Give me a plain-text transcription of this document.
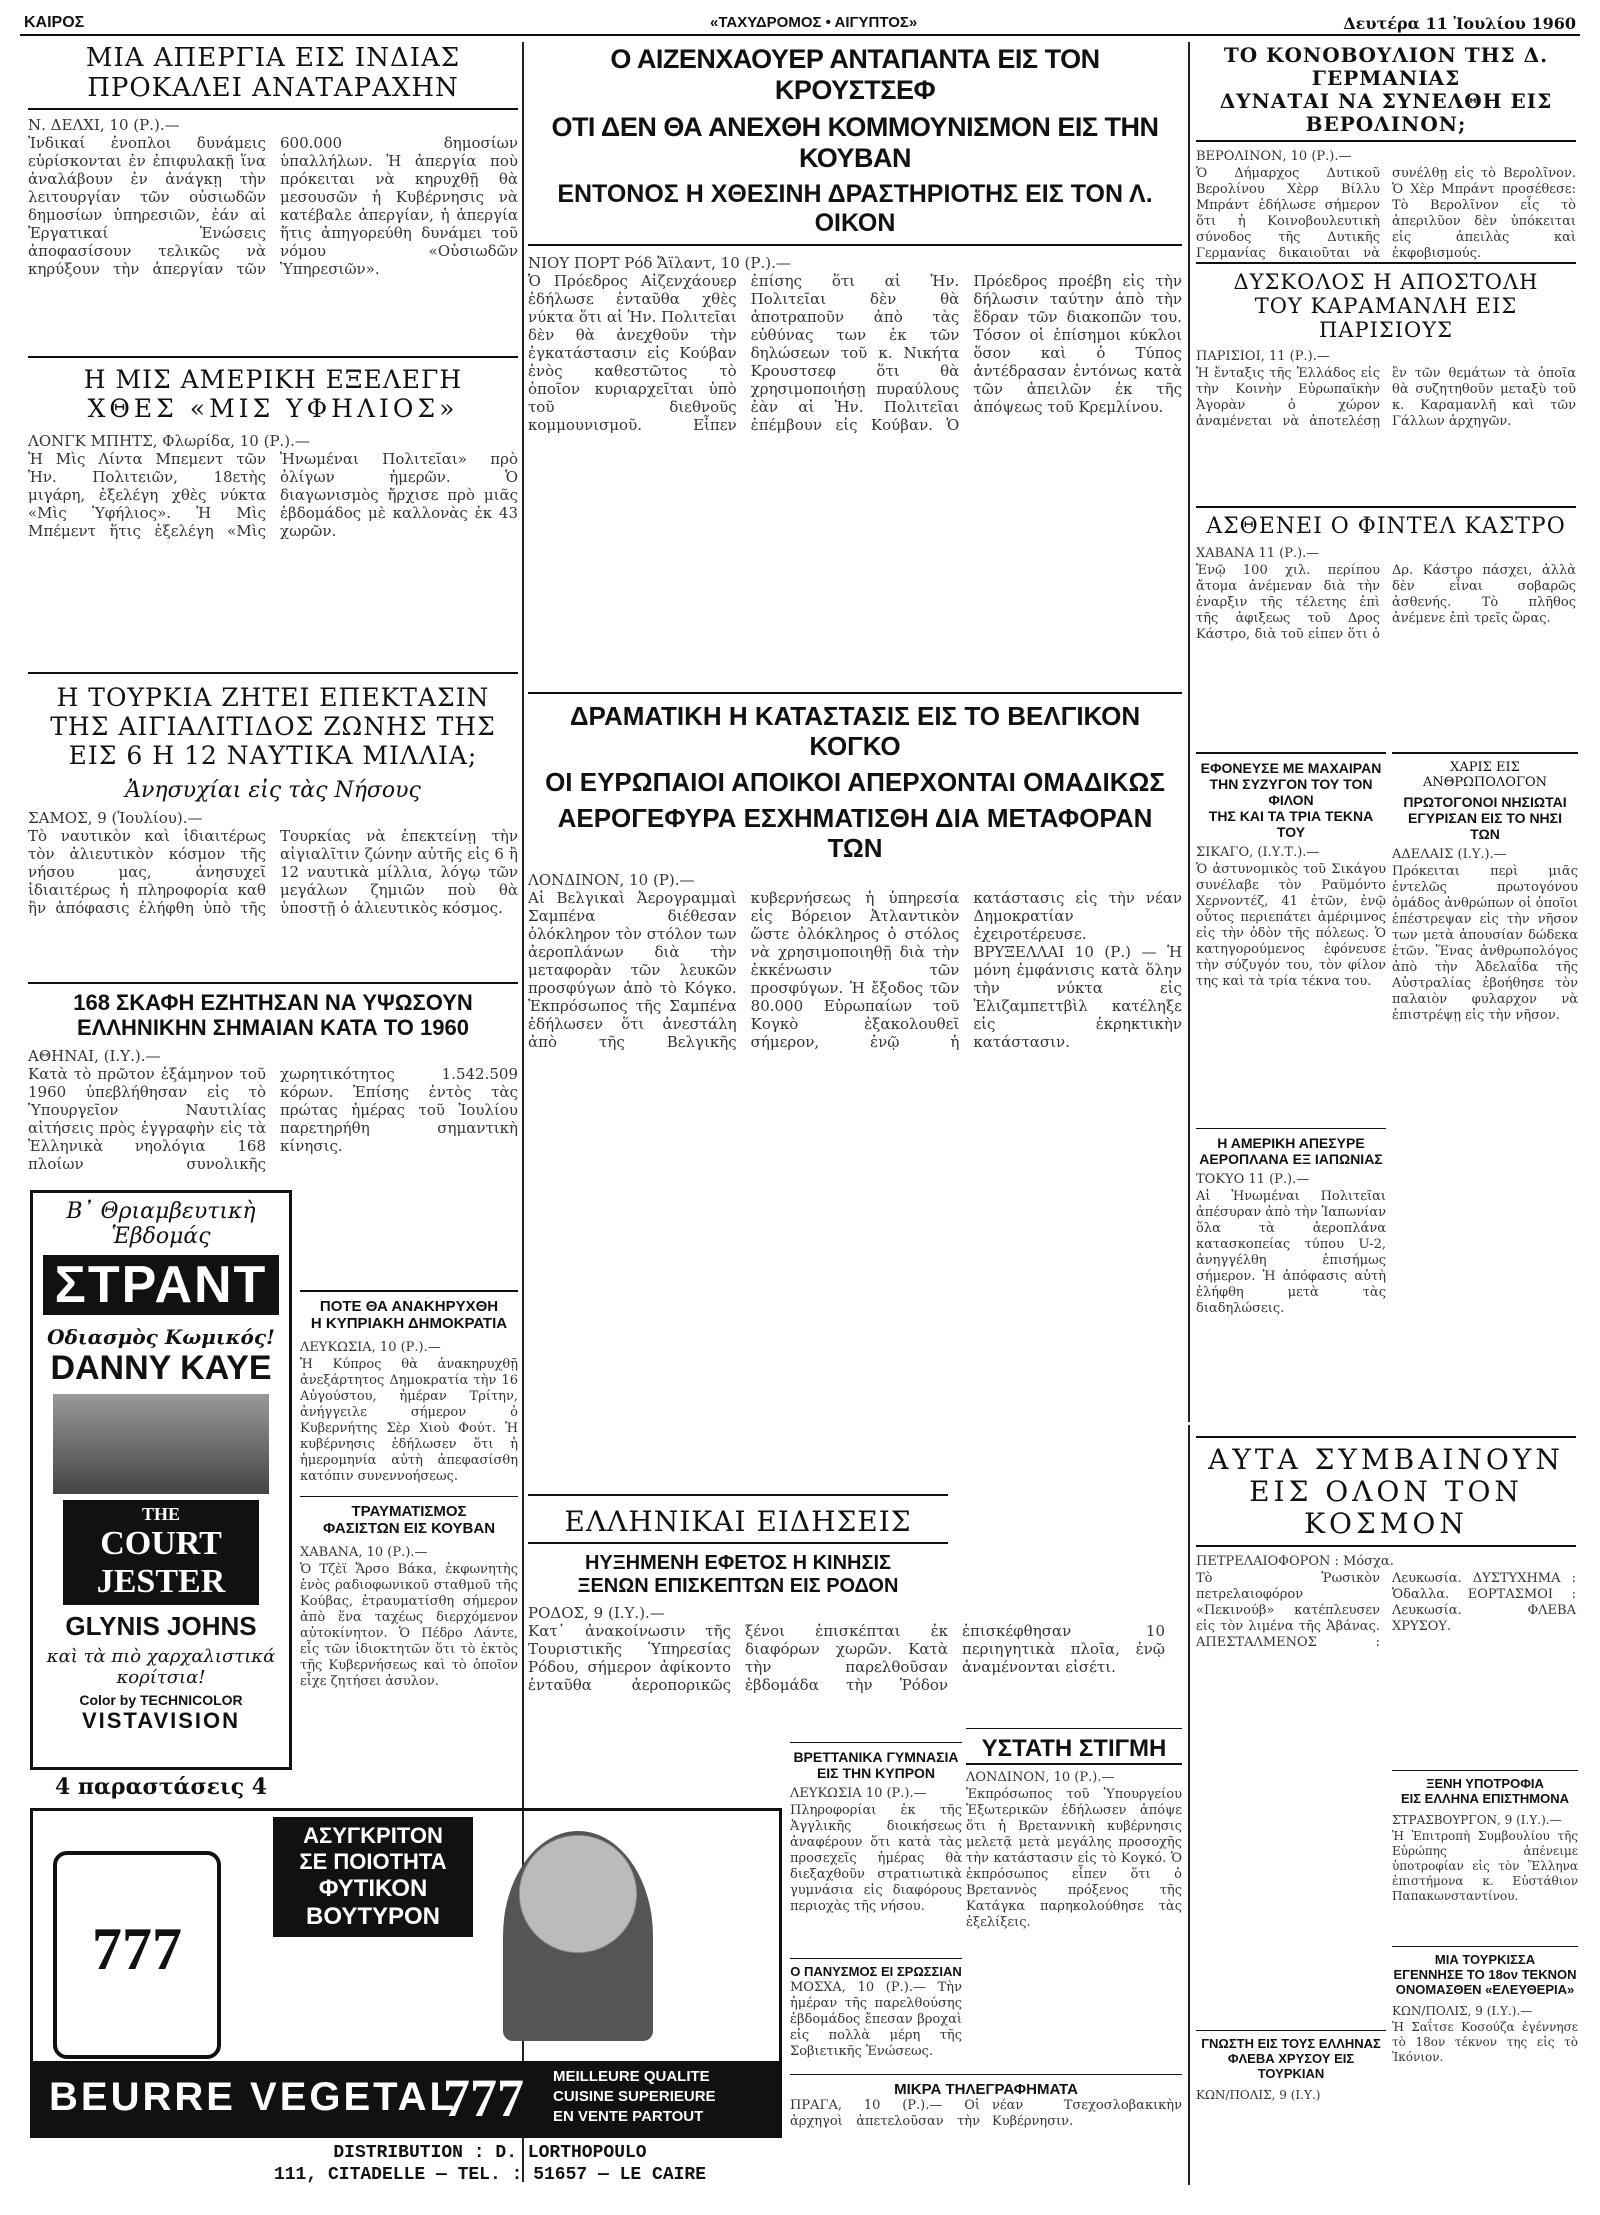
ΚΑΙΡΟΣ	«ΤΑΧΥΔΡΟΜΟΣ • ΑΙΓΥΠΤΟΣ»	Δευτέρα 11 Ἰουλίου 1960
ΜΙΑ ΑΠΕΡΓΙΑ ΕΙΣ ΙΝΔΙΑΣ
ΠΡΟΚΑΛΕΙ ΑΝΑΤΑΡΑΧΗΝ
Ν. ΔΕΛΧΙ, 10 (Ρ.).—
Ἰνδικαί ἐνοπλοι δυνάμεις εὑρίσκονται ἐν ἐπιφυλακῇ ἵνα ἀναλάβουν ἐν ἀνάγκῃ τὴν λειτουργίαν τῶν οὐσιωδῶν δημοσίων ὑπηρεσιῶν, ἐάν αἱ Ἐργατικαί Ἑνώσεις ἀποφασίσουν τελικῶς νὰ κηρύξουν τὴν ἀπεργίαν τῶν 600.000 δημοσίων ὑπαλλήλων. Ἡ ἀπεργία ποὺ πρόκειται νὰ κηρυχθῇ θὰ μεσουσῶν ἡ Κυβέρνησις νὰ κατέβαλε ἀπεργίαν, ἡ ἀπεργία ἥτις ἀπηγορεύθη δυνάμει τοῦ νόμου «Οὐσιωδῶν Ὑπηρεσιῶν».
Η ΜΙΣ ΑΜΕΡΙΚΗ ΕΞΕΛΕΓΗ
ΧΘΕΣ «ΜΙΣ ΥΦΗΛΙΟΣ»
ΛΟΝΓΚ ΜΠΗΤΣ, Φλωρίδα, 10 (Ρ.).—
Ἡ Μὶς Λίντα Μπεμεντ τῶν Ἡν. Πολιτειῶν, 18ετὴς μιγάρη, ἐξελέγη χθὲς νύκτα «Μὶς Ὑφήλιος». Ἡ Μὶς Μπέμεντ ἥτις ἐξελέγη «Μὶς Ἡνωμέναι Πολιτεῖαι» πρὸ ὀλίγων ἡμερῶν. Ὁ διαγωνισμὸς ἤρχισε πρὸ μιᾶς ἑβδομάδος μὲ καλλονὰς ἐκ 43 χωρῶν.
Η ΤΟΥΡΚΙΑ ΖΗΤΕΙ ΕΠΕΚΤΑΣΙΝ
ΤΗΣ ΑΙΓΙΑΛΙΤΙΔΟΣ ΖΩΝΗΣ ΤΗΣ
ΕΙΣ 6 Η 12 ΝΑΥΤΙΚΑ ΜΙΛΛΙΑ;
Ἀνησυχίαι εἰς τὰς Νήσους
ΣΑΜΟΣ, 9 (Ἰουλίου).—
Τὸ ναυτικὸν καὶ ἰδιαιτέρως τὸν ἁλιευτικὸν κόσμον τῆς νήσου μας, ἀνησυχεῖ ἰδιαιτέρως ἡ πληροφορία καθ ἣν ἀπόφασις ἐλήφθη ὑπὸ τῆς Τουρκίας νὰ ἐπεκτείνῃ τὴν αἰγιαλῖτιν ζώνην αὐτῆς εἰς 6 ἢ 12 ναυτικὰ μίλλια, λόγῳ τῶν μεγάλων ζημιῶν ποὺ θὰ ὑποστῇ ὁ ἁλιευτικὸς κόσμος.
168 ΣΚΑΦΗ ΕΖΗΤΗΣΑΝ ΝΑ ΥΨΩΣΟΥΝ
ΕΛΛΗΝΙΚΗΝ ΣΗΜΑΙΑΝ ΚΑΤΑ ΤΟ 1960
ΑΘΗΝΑΙ, (Ι.Υ.).—
Κατὰ τὸ πρῶτον ἑξάμηνον τοῦ 1960 ὑπεβλήθησαν εἰς τὸ Ὑπουργεῖον Ναυτιλίας αἰτήσεις πρὸς ἐγγραφὴν εἰς τὰ Ἑλληνικὰ νηολόγια 168 πλοίων συνολικῆς χωρητικότητος 1.542.509 κόρων. Ἐπίσης ἐντὸς τὰς πρώτας ἡμέρας τοῦ Ἰουλίου παρετηρήθη σημαντικὴ κίνησις.
Β᾿ Θριαμβευτικὴ Ἑβδομάς
ΣΤΡΑΝΤ
Οδιασμὸς Κωμικός!
DANNY KAYE
THE
COURT
JESTER
GLYNIS JOHNS
καὶ τὰ πιὸ χαρχαλιστικά κορίτσια!
Color by TECHNICOLOR
VISTAVISION
4 παραστάσεις 4
ΠΟΤΕ ΘΑ ΑΝΑΚΗΡΥΧΘΗ
Η ΚΥΠΡΙΑΚΗ ΔΗΜΟΚΡΑΤΙΑ
ΛΕΥΚΩΣΙΑ, 10 (Ρ.).—
Ἡ Κύπρος θὰ ἀνακηρυχθῇ ἀνεξάρτητος Δημοκρατία τὴν 16 Αὐγούστου, ἡμέραν Τρίτην, ἀνήγγειλε σήμερον ὁ Κυβερνήτης Σὲρ Χιοὺ Φούτ. Ἡ κυβέρνησις ἐδήλωσεν ὅτι ἡ ἡμερομηνία αὐτὴ ἀπεφασίσθη κατόπιν συνεννοήσεως.
ΤΡΑΥΜΑΤΙΣΜΟΣ
ΦΑΣΙΣΤΩΝ ΕΙΣ ΚΟΥΒΑΝ
ΧΑΒΑΝΑ, 10 (Ρ.).—
Ὁ Τζὲϊ Ἄρσο Βάκα, ἐκφωνητὴς ἑνὸς ραδιοφωνικοῦ σταθμοῦ τῆς Κούβας, ἐτραυματίσθη σήμερον ἀπὸ ἕνα ταχέως διερχόμενον αὐτοκίνητον. Ὁ Πέδρο Λάντε, εἷς τῶν ἰδιοκτητῶν ὅτι τὸ ἐκτὸς τῆς Κυβερνήσεως καὶ τὸ ὁποῖον εἶχε ζητήσει ἀσυλον.
ΑΣΥΓΚΡΙΤΟΝ
ΣΕ ΠΟΙΟΤΗΤΑ
ΦΥΤΙΚΟΝ
ΒΟΥΤΥΡΟΝ
777
BEURRE VEGETAL
777 MEILLEURE QUALITE
CUISINE SUPERIEURE
EN VENTE PARTOUT
DISTRIBUTION : D. LORTHOPOULO
111, CITADELLE — TEL. : 51657 — LE CAIRE
Ο ΑΙΖΕΝΧΑΟΥΕΡ ΑΝΤΑΠΑΝΤΑ ΕΙΣ ΤΟΝ ΚΡΟΥΣΤΣΕΦ
ΟΤΙ ΔΕΝ ΘΑ ΑΝΕΧΘΗ ΚΟΜΜΟΥΝΙΣΜΟΝ ΕΙΣ ΤΗΝ ΚΟΥΒΑΝ
ΕΝΤΟΝΟΣ Η ΧΘΕΣΙΝΗ ΔΡΑΣΤΗΡΙΟΤΗΣ ΕΙΣ ΤΟΝ Λ. ΟΙΚΟΝ
ΝΙΟΥ ΠΟΡΤ Ρόδ Ἄϊλαντ, 10 (Ρ.).—
Ὁ Πρόεδρος Αἰζενχάουερ ἐδήλωσε ἐνταῦθα χθὲς νύκτα ὅτι αἱ Ἡν. Πολιτεῖαι δὲν θὰ ἀνεχθοῦν τὴν ἐγκατάστασιν εἰς Κούβαν ἑνὸς καθεστῶτος τὸ ὁποῖον κυριαρχεῖται ὑπὸ τοῦ διεθνοῦς κομμουνισμοῦ. Εἶπεν ἐπίσης ὅτι αἱ Ἡν. Πολιτεῖαι δὲν θὰ ἀποτραποῦν ἀπὸ τὰς εὐθύνας των ἐκ τῶν δηλώσεων τοῦ κ. Νικήτα Κρουστσεφ ὅτι θὰ χρησιμοποιήσῃ πυραύλους ἐὰν αἱ Ἡν. Πολιτεῖαι ἐπέμβουν εἰς Κούβαν. Ὁ Πρόεδρος προέβη εἰς τὴν δήλωσιν ταύτην ἀπὸ τὴν ἕδραν τῶν διακοπῶν του. Τόσον οἱ ἐπίσημοι κύκλοι ὅσον καὶ ὁ Τύπος ἀντέδρασαν ἐντόνως κατὰ τῶν ἀπειλῶν ἐκ τῆς ἀπόψεως τοῦ Κρεμλίνου.
ΔΡΑΜΑΤΙΚΗ Η ΚΑΤΑΣΤΑΣΙΣ ΕΙΣ ΤΟ ΒΕΛΓΙΚΟΝ ΚΟΓΚΟ
ΟΙ ΕΥΡΩΠΑΙΟΙ ΑΠΟΙΚΟΙ ΑΠΕΡΧΟΝΤΑΙ ΟΜΑΔΙΚΩΣ
ΑΕΡΟΓΕΦΥΡΑ ΕΣΧΗΜΑΤΙΣΘΗ ΔΙΑ ΜΕΤΑΦΟΡΑΝ ΤΩΝ
ΛΟΝΔΙΝΟΝ, 10 (Ρ).—
Αἱ Βελγικαὶ Ἀερογραμμαὶ Σαμπένα διέθεσαν ὁλόκληρον τὸν στόλον των ἀεροπλάνων διὰ τὴν μεταφορὰν τῶν λευκῶν προσφύγων ἀπὸ τὸ Κόγκο. Ἐκπρόσωπος τῆς Σαμπένα ἐδήλωσεν ὅτι ἀνεστάλη ἀπὸ τῆς Βελγικῆς κυβερνήσεως ἡ ὑπηρεσία εἰς Βόρειον Ἀτλαντικὸν ὥστε ὁλόκληρος ὁ στόλος νὰ χρησιμοποιηθῇ διὰ τὴν ἐκκένωσιν τῶν προσφύγων. Ἡ ἔξοδος τῶν 80.000 Εὐρωπαίων τοῦ Κογκὸ ἐξακολουθεῖ σήμερον, ἐνῷ ἡ κατάστασις εἰς τὴν νέαν Δημοκρατίαν ἐχειροτέρευσε. ΒΡΥΞΕΛΛΑΙ 10 (Ρ.) — Ἡ μόνη ἐμφάνισις κατὰ ὅλην τὴν νύκτα εἰς Ἐλιζαμπεττβὶλ κατέληξε εἰς ἐκρηκτικὴν κατάστασιν.
ΕΛΛΗΝΙΚΑΙ ΕΙΔΗΣΕΙΣ
ΗΥΞΗΜΕΝΗ ΕΦΕΤΟΣ Η ΚΙΝΗΣΙΣ
ΞΕΝΩΝ ΕΠΙΣΚΕΠΤΩΝ ΕΙΣ ΡΟΔΟΝ
ΡΟΔΟΣ, 9 (Ι.Υ.).—
Κατ᾿ ἀνακοίνωσιν τῆς Τουριστικῆς Ὑπηρεσίας Ρόδου, σήμερον ἀφίκοντο ἐνταῦθα ἀεροπορικῶς ξένοι ἐπισκέπται ἐκ διαφόρων χωρῶν. Κατὰ τὴν παρελθοῦσαν ἑβδομάδα τὴν Ῥόδον ἐπισκέφθησαν 10 περιηγητικὰ πλοῖα, ἐνῷ ἀναμένονται εἰσέτι.
ΒΡΕΤΤΑΝΙΚΑ ΓΥΜΝΑΣΙΑ
ΕΙΣ ΤΗΝ ΚΥΠΡΟΝ
ΛΕΥΚΩΣΙΑ 10 (Ρ.).—
Πληροφορίαι ἐκ τῆς Ἀγγλικῆς διοικήσεως ἀναφέρουν ὅτι κατὰ τὰς προσεχεῖς ἡμέρας θὰ διεξαχθοῦν στρατιωτικὰ γυμνάσια εἰς διαφόρους περιοχὰς τῆς νήσου.
Ο ΠΑΝΥΣΜΟΣ ΕΙ ΣΡΩΣΣΙΑΝ
ΜΟΣΧΑ, 10 (Ρ.).— Τὴν ἡμέραν τῆς παρελθούσης ἐβδομάδος ἔπεσαν βροχαὶ εἰς πολλὰ μέρη τῆς Σοβιετικῆς Ἑνώσεως.
ΥΣΤΑΤΗ ΣΤΙΓΜΗ
ΛΟΝΔΙΝΟΝ, 10 (Ρ.).—
Ἐκπρόσωπος τοῦ Ὑπουργείου Ἐξωτερικῶν ἐδήλωσεν ἀπόψε ὅτι ἡ Βρεταννικὴ κυβέρνησις μελετᾷ μετὰ μεγάλης προσοχῆς τὴν κατάστασιν εἰς τὸ Κογκό. Ὁ ἐκπρόσωπος εἶπεν ὅτι ὁ Βρεταννὸς πρόξενος τῆς Κατάγκα παρηκολούθησε τὰς ἐξελίξεις.
ΜΙΚΡΑ ΤΗΛΕΓΡΑΦΗΜΑΤΑ
ΠΡΑΓΑ, 10 (Ρ.).— Οἱ ἀρχηγοὶ ἀπετελοῦσαν τὴν νέαν Τσεχοσλοβακικὴν Κυβέρνησιν.
ΤΟ ΚΟΝΟΒΟΥΛΙΟΝ ΤΗΣ Δ. ΓΕΡΜΑΝΙΑΣ
ΔΥΝΑΤΑΙ ΝΑ ΣΥΝΕΛΘΗ ΕΙΣ ΒΕΡΟΛΙΝΟΝ;
ΒΕΡΟΛΙΝΟΝ, 10 (Ρ.).—
Ὁ Δήμαρχος Δυτικοῦ Βερολίνου Χὲρρ Βίλλυ Μπράντ ἐδήλωσε σήμερον ὅτι ἡ Κοινοβουλευτικὴ σύνοδος τῆς Δυτικῆς Γερμανίας δικαιοῦται νὰ συνέλθῃ εἰς τὸ Βερολῖνον. Ὁ Χὲρ Μπράντ προσέθεσε: Τὸ Βερολῖνον εἶς τὸ ἀπεριλῦον δὲν ὑπόκειται εἰς ἀπειλὰς καὶ ἐκφοβισμούς.
ΔΥΣΚΟΛΟΣ Η ΑΠΟΣΤΟΛΗ
ΤΟΥ ΚΑΡΑΜΑΝΛΗ ΕΙΣ ΠΑΡΙΣΙΟΥΣ
ΠΑΡΙΣΙΟΙ, 11 (Ρ.).—
Ἡ ἔνταξις τῆς Ἑλλάδος εἰς τὴν Κοινὴν Εὐρωπαϊκὴν Ἀγορὰν ὁ χώρον ἀναμένεται νὰ ἀποτελέσῃ ἓν τῶν θεμάτων τὰ ὁποῖα θὰ συζητηθοῦν μεταξὺ τοῦ κ. Καραμανλῆ καὶ τῶν Γάλλων ἀρχηγῶν.
ΑΣΘΕΝΕΙ Ο ΦΙΝΤΕΛ ΚΑΣΤΡΟ
ΧΑΒΑΝΑ 11 (Ρ.).—
Ἐνῷ 100 χιλ. περίπου ἄτομα ἀνέμεναν διὰ τὴν ἐναρξιν τῆς τέλετης ἐπὶ τῆς ἀφιξεως τοῦ Δρος Κάστρο, διὰ τοῦ εἰπεν ὅτι ὁ Δρ. Κάστρο πάσχει, ἀλλὰ δὲν εἶναι σοβαρῶς ἀσθενής. Τὸ πλῆθος ἀνέμενε ἐπὶ τρεῖς ὥρας.
ΕΦΟΝΕΥΣΕ ΜΕ ΜΑΧΑΙΡΑΝ
ΤΗΝ ΣΥΖΥΓΟΝ ΤΟΥ ΤΟΝ ΦΙΛΟΝ
ΤΗΣ ΚΑΙ ΤΑ ΤΡΙΑ ΤΕΚΝΑ ΤΟΥ
ΣΙΚΑΓΟ, (Ι.Υ.Τ.).—
Ὁ ἀστυνομικὸς τοῦ Σικάγου συνέλαβε τὸν Ραϋμόντο Χερνοντέζ, 41 ἐτῶν, ἐνῷ οὗτος περιεπάτει ἀμέριμνος εἰς τὴν ὁδὸν τῆς πόλεως. Ὁ κατηγορούμενος ἐφόνευσε τὴν σύζυγόν του, τὸν φίλον της καὶ τὰ τρία τέκνα του.
Η ΑΜΕΡΙΚΗ ΑΠΕΣΥΡΕ
ΑΕΡΟΠΛΑΝΑ ΕΞ ΙΑΠΩΝΙΑΣ
ΤΟΚΥΟ 11 (Ρ.).—
Αἱ Ἡνωμέναι Πολιτεῖαι ἀπέσυραν ἀπὸ τὴν Ἰαπωνίαν ὅλα τὰ ἀεροπλάνα κατασκοπείας τύπου U-2, ἀνηγγέλθη ἐπισήμως σήμερον. Ἡ ἀπόφασις αὐτὴ ἐλήφθη μετὰ τὰς διαδηλώσεις.
ΧΑΡΙΣ ΕΙΣ ΑΝΘΡΩΠΟΛΟΓΟΝ
ΠΡΩΤΟΓΟΝΟΙ ΝΗΣΙΩΤΑΙ
ΕΓΥΡΙΣΑΝ ΕΙΣ ΤΟ ΝΗΣΙ ΤΩΝ
ΑΔΕΛΑΙΣ (Ι.Υ.).—
Πρόκειται περὶ μιᾶς ἐντελῶς πρωτογόνου ὁμάδος ἀνθρώπων οἱ ὁποῖοι ἐπέστρεψαν εἰς τὴν νῆσον των μετὰ ἀπουσίαν δώδεκα ἐτῶν. Ἕνας ἀνθρωπολόγος ἀπὸ τὴν Ἀδελαΐδα τῆς Αὐστραλίας ἐβοήθησε τὸν παλαιὸν φυλαρχον νὰ ἐπιστρέψῃ εἰς τὴν νῆσον.
ΑΥΤΑ ΣΥΜΒΑΙΝΟΥΝ
ΕΙΣ ΟΛΟΝ ΤΟΝ ΚΟΣΜΟΝ
ΠΕΤΡΕΛΑΙΟΦΟΡΟΝ : Μόσχα.
Τὸ Ῥωσικὸν πετρελαιοφόρον «Πεκινούβ» κατέπλευσεν εἰς τὸν λιμένα τῆς Ἀβάνας. ΑΠΕΣΤΑΛΜΕΝΟΣ : Λευκωσία. ΔΥΣΤΥΧΗΜΑ : Ὁδαλλα. ΕΟΡΤΑΣΜΟΙ : Λευκωσία. ΦΛΕΒΑ ΧΡΥΣΟΥ.
ΞΕΝΗ ΥΠΟΤΡΟΦΙΑ
ΕΙΣ ΕΛΛΗΝΑ ΕΠΙΣΤΗΜΟΝΑ
ΣΤΡΑΣΒΟΥΡΓΟΝ, 9 (Ι.Υ.).—
Ἡ Ἐπιτροπὴ Συμβουλίου τῆς Εὐρώπης ἀπένειμε ὑποτροφίαν εἰς τὸν Ἕλληνα ἐπιστήμονα κ. Εὐστάθιον Παπακωνσταντίνου.
ΓΝΩΣΤΗ ΕΙΣ ΤΟΥΣ ΕΛΛΗΝΑΣ
ΦΛΕΒΑ ΧΡΥΣΟΥ ΕΙΣ ΤΟΥΡΚΙΑΝ
ΚΩΝ/ΠΟΛΙΣ, 9 (Ι.Υ.)
ΜΙΑ ΤΟΥΡΚΙΣΣΑ
ΕΓΕΝΝΗΣΕ ΤΟ 18ον ΤΕΚΝΟΝ
ΟΝΟΜΑΣΘΕΝ «ΕΛΕΥΘΕΡΙΑ»
ΚΩΝ/ΠΟΛΙΣ, 9 (Ι.Υ.).—
Ἡ Σαΐτσε Κοσούζα ἐγέννησε τὸ 18ον τέκνον της εἰς τὸ Ἰκόνιον.
